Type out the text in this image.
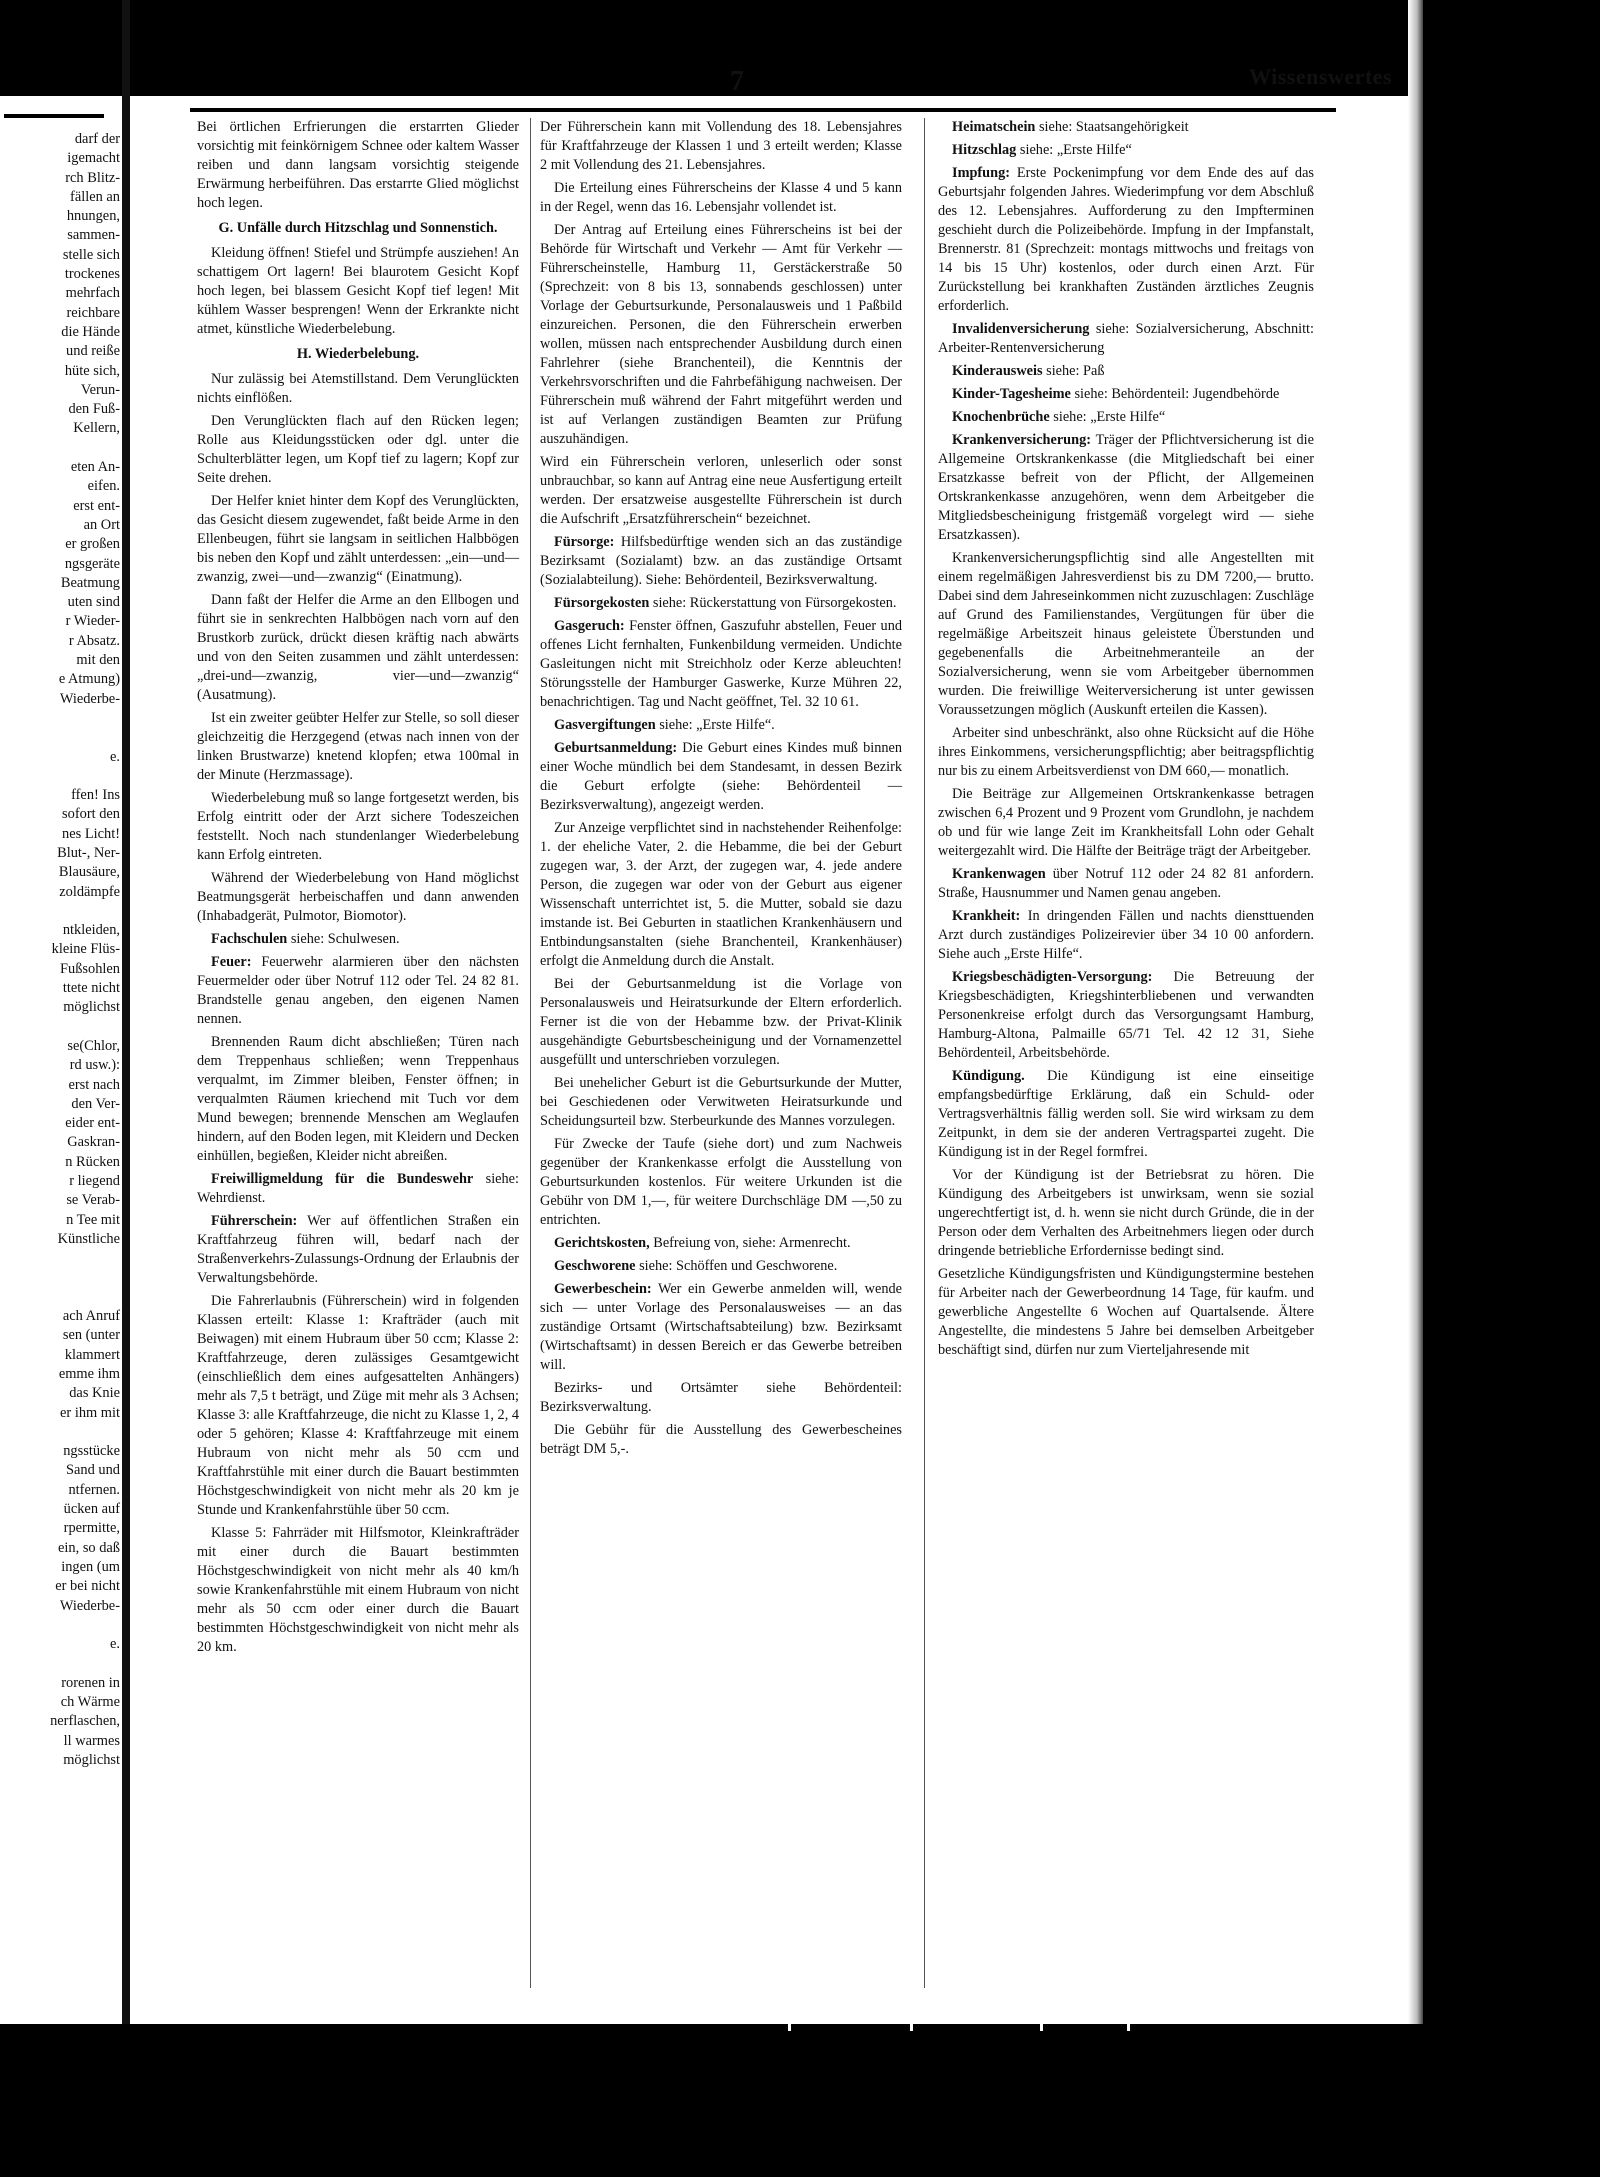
darf der
igemacht
rch Blitz-
fällen an
hnungen,
sammen-
stelle sich
trockenes
mehrfach
reichbare
die Hände
und reiße
hüte sich,
Verun-
den Fuß-
Kellern,
eten An-
eifen.
erst ent-
an Ort
er großen
ngsgeräte
Beatmung
uten sind
r Wieder-
r Absatz.
mit den
e Atmung)
Wiederbe-
e.
ffen! Ins
sofort den
nes Licht!
Blut-, Ner-
Blausäure,
zoldämpfe
ntkleiden,
kleine Flüs-
Fußsohlen
ttete nicht
möglichst
se(Chlor,
rd usw.):
erst nach
den Ver-
eider ent-
Gaskran-
n Rücken
r liegend
se Verab-
n Tee mit
Künstliche
ach Anruf
sen (unter
klammert
emme ihm
das Knie
er ihm mit
ngsstücke
Sand und
ntfernen.
ücken auf
rpermitte,
ein, so daß
ingen (um
er bei nicht
Wiederbe-
e.
rorenen in
ch Wärme
nerflaschen,
ll warmes
möglichst
7	Wissenswertes

Bei örtlichen Erfrierungen die erstarrten Glieder vorsichtig mit feinkörnigem Schnee oder kaltem Wasser reiben und dann langsam vorsichtig steigende Erwärmung herbeiführen. Das erstarrte Glied möglichst hoch legen.

G. Unfälle durch Hitzschlag und Sonnenstich.

Kleidung öffnen! Stiefel und Strümpfe ausziehen! An schattigem Ort lagern! Bei blaurotem Gesicht Kopf hoch legen, bei blassem Gesicht Kopf tief legen! Mit kühlem Wasser besprengen! Wenn der Erkrankte nicht atmet, künstliche Wiederbelebung.

H. Wiederbelebung.

Nur zulässig bei Atemstillstand. Dem Verunglückten nichts einflößen.

Den Verunglückten flach auf den Rücken legen; Rolle aus Kleidungsstücken oder dgl. unter die Schulterblätter legen, um Kopf tief zu lagern; Kopf zur Seite drehen.

Der Helfer kniet hinter dem Kopf des Verunglückten, das Gesicht diesem zugewendet, faßt beide Arme in den Ellenbeugen, führt sie langsam in seitlichen Halbbögen bis neben den Kopf und zählt unterdessen: „ein—und—zwanzig, zwei—und—zwanzig“ (Einatmung).

Dann faßt der Helfer die Arme an den Ellbogen und führt sie in senkrechten Halbbögen nach vorn auf den Brustkorb zurück, drückt diesen kräftig nach abwärts und von den Seiten zusammen und zählt unterdessen: „drei-und—zwanzig, vier—und—zwanzig“ (Ausatmung).

Ist ein zweiter geübter Helfer zur Stelle, so soll dieser gleichzeitig die Herzgegend (etwas nach innen von der linken Brustwarze) knetend klopfen; etwa 100mal in der Minute (Herzmassage).

Wiederbelebung muß so lange fortgesetzt werden, bis Erfolg eintritt oder der Arzt sichere Todeszeichen feststellt. Noch nach stundenlanger Wiederbelebung kann Erfolg eintreten.

Während der Wiederbelebung von Hand möglichst Beatmungsgerät herbeischaffen und dann anwenden (Inhabadgerät, Pulmotor, Biomotor).

Fachschulen siehe: Schulwesen.

Feuer: Feuerwehr alarmieren über den nächsten Feuermelder oder über Notruf 112 oder Tel. 24 82 81. Brandstelle genau angeben, den eigenen Namen nennen.

Brennenden Raum dicht abschließen; Türen nach dem Treppenhaus schließen; wenn Treppenhaus verqualmt, im Zimmer bleiben, Fenster öffnen; in verqualmten Räumen kriechend mit Tuch vor dem Mund bewegen; brennende Menschen am Weglaufen hindern, auf den Boden legen, mit Kleidern und Decken einhüllen, begießen, Kleider nicht abreißen.

Freiwilligmeldung für die Bundeswehr siehe: Wehrdienst.

Führerschein: Wer auf öffentlichen Straßen ein Kraftfahrzeug führen will, bedarf nach der Straßenverkehrs-Zulassungs-Ordnung der Erlaubnis der Verwaltungsbehörde.

Die Fahrerlaubnis (Führerschein) wird in folgenden Klassen erteilt: Klasse 1: Krafträder (auch mit Beiwagen) mit einem Hubraum über 50 ccm; Klasse 2: Kraftfahrzeuge, deren zulässiges Gesamtgewicht (einschließlich dem eines aufgesattelten Anhängers) mehr als 7,5 t beträgt, und Züge mit mehr als 3 Achsen; Klasse 3: alle Kraftfahrzeuge, die nicht zu Klasse 1, 2, 4 oder 5 gehören; Klasse 4: Kraftfahrzeuge mit einem Hubraum von nicht mehr als 50 ccm und Kraftfahrstühle mit einer durch die Bauart bestimmten Höchstgeschwindigkeit von nicht mehr als 20 km je Stunde und Krankenfahrstühle über 50 ccm.

Klasse 5: Fahrräder mit Hilfsmotor, Kleinkrafträder mit einer durch die Bauart bestimmten Höchstgeschwindigkeit von nicht mehr als 40 km/h sowie Krankenfahrstühle mit einem Hubraum von nicht mehr als 50 ccm oder einer durch die Bauart bestimmten Höchstgeschwindigkeit von nicht mehr als 20 km.

Der Führerschein kann mit Vollendung des 18. Lebensjahres für Kraftfahrzeuge der Klassen 1 und 3 erteilt werden; Klasse 2 mit Vollendung des 21. Lebensjahres.

Die Erteilung eines Führerscheins der Klasse 4 und 5 kann in der Regel, wenn das 16. Lebensjahr vollendet ist.

Der Antrag auf Erteilung eines Führerscheins ist bei der Behörde für Wirtschaft und Verkehr — Amt für Verkehr — Führerscheinstelle, Hamburg 11, Gerstäckerstraße 50 (Sprechzeit: von 8 bis 13, sonnabends geschlossen) unter Vorlage der Geburtsurkunde, Personalausweis und 1 Paßbild einzureichen. Personen, die den Führerschein erwerben wollen, müssen nach entsprechender Ausbildung durch einen Fahrlehrer (siehe Branchenteil), die Kenntnis der Verkehrsvorschriften und die Fahrbefähigung nachweisen. Der Führerschein muß während der Fahrt mitgeführt werden und ist auf Verlangen zuständigen Beamten zur Prüfung auszuhändigen.

Wird ein Führerschein verloren, unleserlich oder sonst unbrauchbar, so kann auf Antrag eine neue Ausfertigung erteilt werden. Der ersatzweise ausgestellte Führerschein ist durch die Aufschrift „Ersatzführerschein“ bezeichnet.

Fürsorge: Hilfsbedürftige wenden sich an das zuständige Bezirksamt (Sozialamt) bzw. an das zuständige Ortsamt (Sozialabteilung). Siehe: Behördenteil, Bezirksverwaltung.

Fürsorgekosten siehe: Rückerstattung von Fürsorgekosten.

Gasgeruch: Fenster öffnen, Gaszufuhr abstellen, Feuer und offenes Licht fernhalten, Funkenbildung vermeiden. Undichte Gasleitungen nicht mit Streichholz oder Kerze ableuchten! Störungsstelle der Hamburger Gaswerke, Kurze Mühren 22, benachrichtigen. Tag und Nacht geöffnet, Tel. 32 10 61.

Gasvergiftungen siehe: „Erste Hilfe“.

Geburtsanmeldung: Die Geburt eines Kindes muß binnen einer Woche mündlich bei dem Standesamt, in dessen Bezirk die Geburt erfolgte (siehe: Behördenteil — Bezirksverwaltung), angezeigt werden.

Zur Anzeige verpflichtet sind in nachstehender Reihenfolge: 1. der eheliche Vater, 2. die Hebamme, die bei der Geburt zugegen war, 3. der Arzt, der zugegen war, 4. jede andere Person, die zugegen war oder von der Geburt aus eigener Wissenschaft unterrichtet ist, 5. die Mutter, sobald sie dazu imstande ist. Bei Geburten in staatlichen Krankenhäusern und Entbindungsanstalten (siehe Branchenteil, Krankenhäuser) erfolgt die Anmeldung durch die Anstalt.

Bei der Geburtsanmeldung ist die Vorlage von Personalausweis und Heiratsurkunde der Eltern erforderlich. Ferner ist die von der Hebamme bzw. der Privat-Klinik ausgehändigte Geburtsbescheinigung und der Vornamenzettel ausgefüllt und unterschrieben vorzulegen.

Bei unehelicher Geburt ist die Geburtsurkunde der Mutter, bei Geschiedenen oder Verwitweten Heiratsurkunde und Scheidungsurteil bzw. Sterbeurkunde des Mannes vorzulegen.

Für Zwecke der Taufe (siehe dort) und zum Nachweis gegenüber der Krankenkasse erfolgt die Ausstellung von Geburtsurkunden kostenlos. Für weitere Urkunden ist die Gebühr von DM 1,—, für weitere Durchschläge DM —,50 zu entrichten.

Gerichtskosten, Befreiung von, siehe: Armenrecht.

Geschworene siehe: Schöffen und Geschworene.

Gewerbeschein: Wer ein Gewerbe anmelden will, wende sich — unter Vorlage des Personalausweises — an das zuständige Ortsamt (Wirtschaftsabteilung) bzw. Bezirksamt (Wirtschaftsamt) in dessen Bereich er das Gewerbe betreiben will.

Bezirks- und Ortsämter siehe Behördenteil: Bezirksverwaltung.

Die Gebühr für die Ausstellung des Gewerbescheines beträgt DM 5,-.

Heimatschein siehe: Staatsangehörigkeit

Hitzschlag siehe: „Erste Hilfe“

Impfung: Erste Pockenimpfung vor dem Ende des auf das Geburtsjahr folgenden Jahres. Wiederimpfung vor dem Abschluß des 12. Lebensjahres. Aufforderung zu den Impfterminen geschieht durch die Polizeibehörde. Impfung in der Impfanstalt, Brennerstr. 81 (Sprechzeit: montags mittwochs und freitags von 14 bis 15 Uhr) kostenlos, oder durch einen Arzt. Für Zurückstellung bei krankhaften Zuständen ärztliches Zeugnis erforderlich.

Invalidenversicherung siehe: Sozialversicherung, Abschnitt: Arbeiter-Rentenversicherung

Kinderausweis siehe: Paß

Kinder-Tagesheime siehe: Behördenteil: Jugendbehörde

Knochenbrüche siehe: „Erste Hilfe“

Krankenversicherung: Träger der Pflichtversicherung ist die Allgemeine Ortskrankenkasse (die Mitgliedschaft bei einer Ersatzkasse befreit von der Pflicht, der Allgemeinen Ortskrankenkasse anzugehören, wenn dem Arbeitgeber die Mitgliedsbescheinigung fristgemäß vorgelegt wird — siehe Ersatzkassen).

Krankenversicherungspflichtig sind alle Angestellten mit einem regelmäßigen Jahresverdienst bis zu DM 7200,— brutto. Dabei sind dem Jahreseinkommen nicht zuzuschlagen: Zuschläge auf Grund des Familienstandes, Vergütungen für über die regelmäßige Arbeitszeit hinaus geleistete Überstunden und gegebenenfalls die Arbeitnehmeranteile an der Sozialversicherung, wenn sie vom Arbeitgeber übernommen wurden. Die freiwillige Weiterversicherung ist unter gewissen Voraussetzungen möglich (Auskunft erteilen die Kassen).

Arbeiter sind unbeschränkt, also ohne Rücksicht auf die Höhe ihres Einkommens, versicherungspflichtig; aber beitragspflichtig nur bis zu einem Arbeitsverdienst von DM 660,— monatlich.

Die Beiträge zur Allgemeinen Ortskrankenkasse betragen zwischen 6,4 Prozent und 9 Prozent vom Grundlohn, je nachdem ob und für wie lange Zeit im Krankheitsfall Lohn oder Gehalt weitergezahlt wird. Die Hälfte der Beiträge trägt der Arbeitgeber.

Krankenwagen über Notruf 112 oder 24 82 81 anfordern. Straße, Hausnummer und Namen genau angeben.

Krankheit: In dringenden Fällen und nachts diensttuenden Arzt durch zuständiges Polizeirevier über 34 10 00 anfordern. Siehe auch „Erste Hilfe“.

Kriegsbeschädigten-Versorgung: Die Betreuung der Kriegsbeschädigten, Kriegshinterbliebenen und verwandten Personenkreise erfolgt durch das Versorgungsamt Hamburg, Hamburg-Altona, Palmaille 65/71 Tel. 42 12 31, Siehe Behördenteil, Arbeitsbehörde.

Kündigung. Die Kündigung ist eine einseitige empfangsbedürftige Erklärung, daß ein Schuld- oder Vertragsverhältnis fällig werden soll. Sie wird wirksam zu dem Zeitpunkt, in dem sie der anderen Vertragspartei zugeht. Die Kündigung ist in der Regel formfrei.

Vor der Kündigung ist der Betriebsrat zu hören. Die Kündigung des Arbeitgebers ist unwirksam, wenn sie sozial ungerechtfertigt ist, d. h. wenn sie nicht durch Gründe, die in der Person oder dem Verhalten des Arbeitnehmers liegen oder durch dringende betriebliche Erfordernisse bedingt sind.

Gesetzliche Kündigungsfristen und Kündigungstermine bestehen für Arbeiter nach der Gewerbeordnung 14 Tage, für kaufm. und gewerbliche Angestellte 6 Wochen auf Quartalsende. Ältere Angestellte, die mindestens 5 Jahre bei demselben Arbeitgeber beschäftigt sind, dürfen nur zum Vierteljahresende mit
